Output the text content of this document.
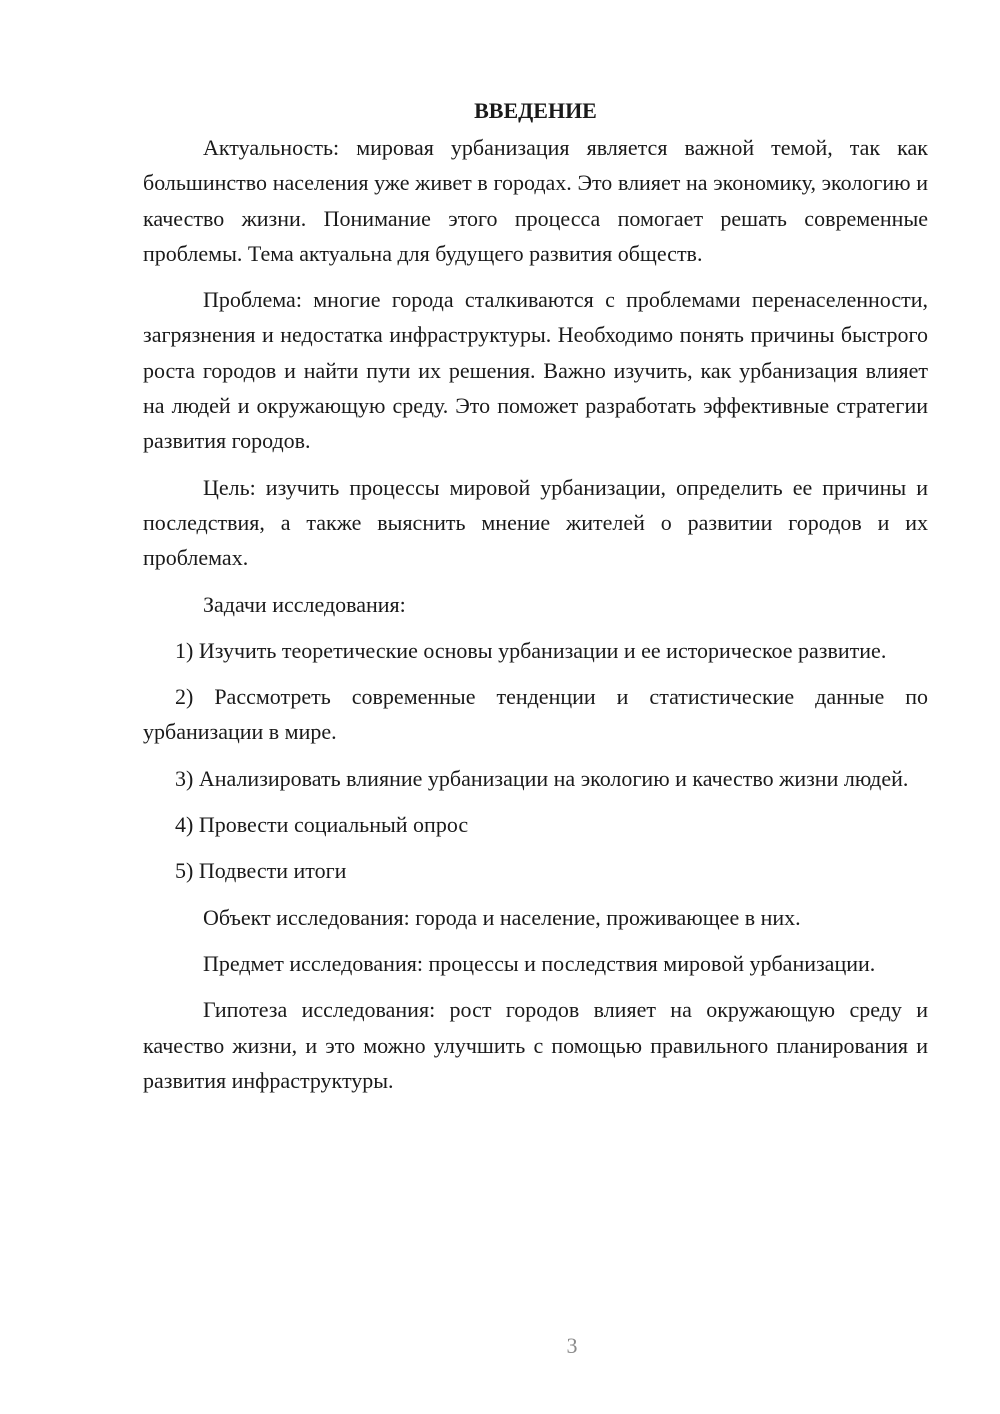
ВВЕДЕНИЕ

Актуальность: мировая урбанизация является важной темой, так как большинство населения уже живет в городах. Это влияет на экономику, экологию и качество жизни. Понимание этого процесса помогает решать современные проблемы. Тема актуальна для будущего развития обществ.

Проблема: многие города сталкиваются с проблемами перенаселенности, загрязнения и недостатка инфраструктуры. Необходимо понять причины быстрого роста городов и найти пути их решения. Важно изучить, как урбанизация влияет на людей и окружающую среду. Это поможет разработать эффективные стратегии развития городов.

Цель: изучить процессы мировой урбанизации, определить ее причины и последствия, а также выяснить мнение жителей о развитии городов и их проблемах.

Задачи исследования:

1) Изучить теоретические основы урбанизации и ее историческое развитие.

2) Рассмотреть современные тенденции и статистические данные по урбанизации в мире.

3) Анализировать влияние урбанизации на экологию и качество жизни людей.

4) Провести социальный опрос

5) Подвести итоги

Объект исследования: города и население, проживающее в них.

Предмет исследования: процессы и последствия мировой урбанизации.

Гипотеза исследования: рост городов влияет на окружающую среду и качество жизни, и это можно улучшить с помощью правильного планирования и развития инфраструктуры.

3
